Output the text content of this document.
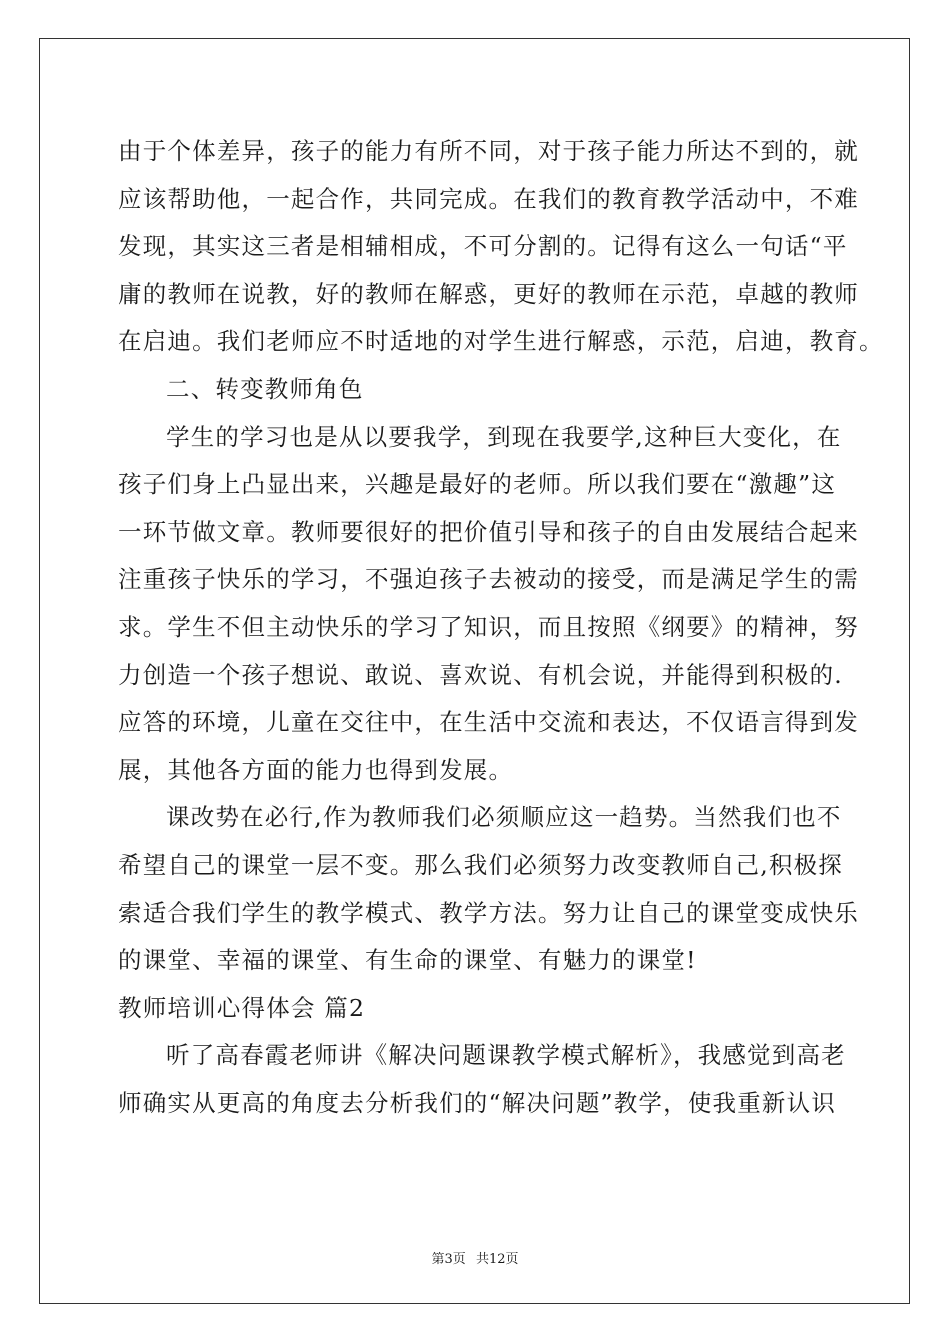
由于个体差异，孩子的能力有所不同，对于孩子能力所达不到的，就
应该帮助他，一起合作，共同完成。在我们的教育教学活动中，不难
发现，其实这三者是相辅相成，不可分割的。记得有这么一句话“平
庸的教师在说教，好的教师在解惑，更好的教师在示范，卓越的教师
在启迪。我们老师应不时适地的对学生进行解惑，示范，启迪，教育。
二、转变教师角色
学生的学习也是从以要我学，到现在我要学,这种巨大变化，在
孩子们身上凸显出来，兴趣是最好的老师。所以我们要在“激趣”这
一环节做文章。教师要很好的把价值引导和孩子的自由发展结合起来
注重孩子快乐的学习，不强迫孩子去被动的接受，而是满足学生的需
求。学生不但主动快乐的学习了知识，而且按照《纲要》的精神，努
力创造一个孩子想说、敢说、喜欢说、有机会说，并能得到积极的.
应答的环境，儿童在交往中，在生活中交流和表达，不仅语言得到发
展，其他各方面的能力也得到发展。
课改势在必行,作为教师我们必须顺应这一趋势。当然我们也不
希望自己的课堂一层不变。那么我们必须努力改变教师自己,积极探
索适合我们学生的教学模式、教学方法。努力让自己的课堂变成快乐
的课堂、幸福的课堂、有生命的课堂、有魅力的课堂!
教师培训心得体会 篇2
听了高春霞老师讲《解决问题课教学模式解析》，我感觉到高老
师确实从更高的角度去分析我们的“解决问题”教学，使我重新认识
第3页 共12页
